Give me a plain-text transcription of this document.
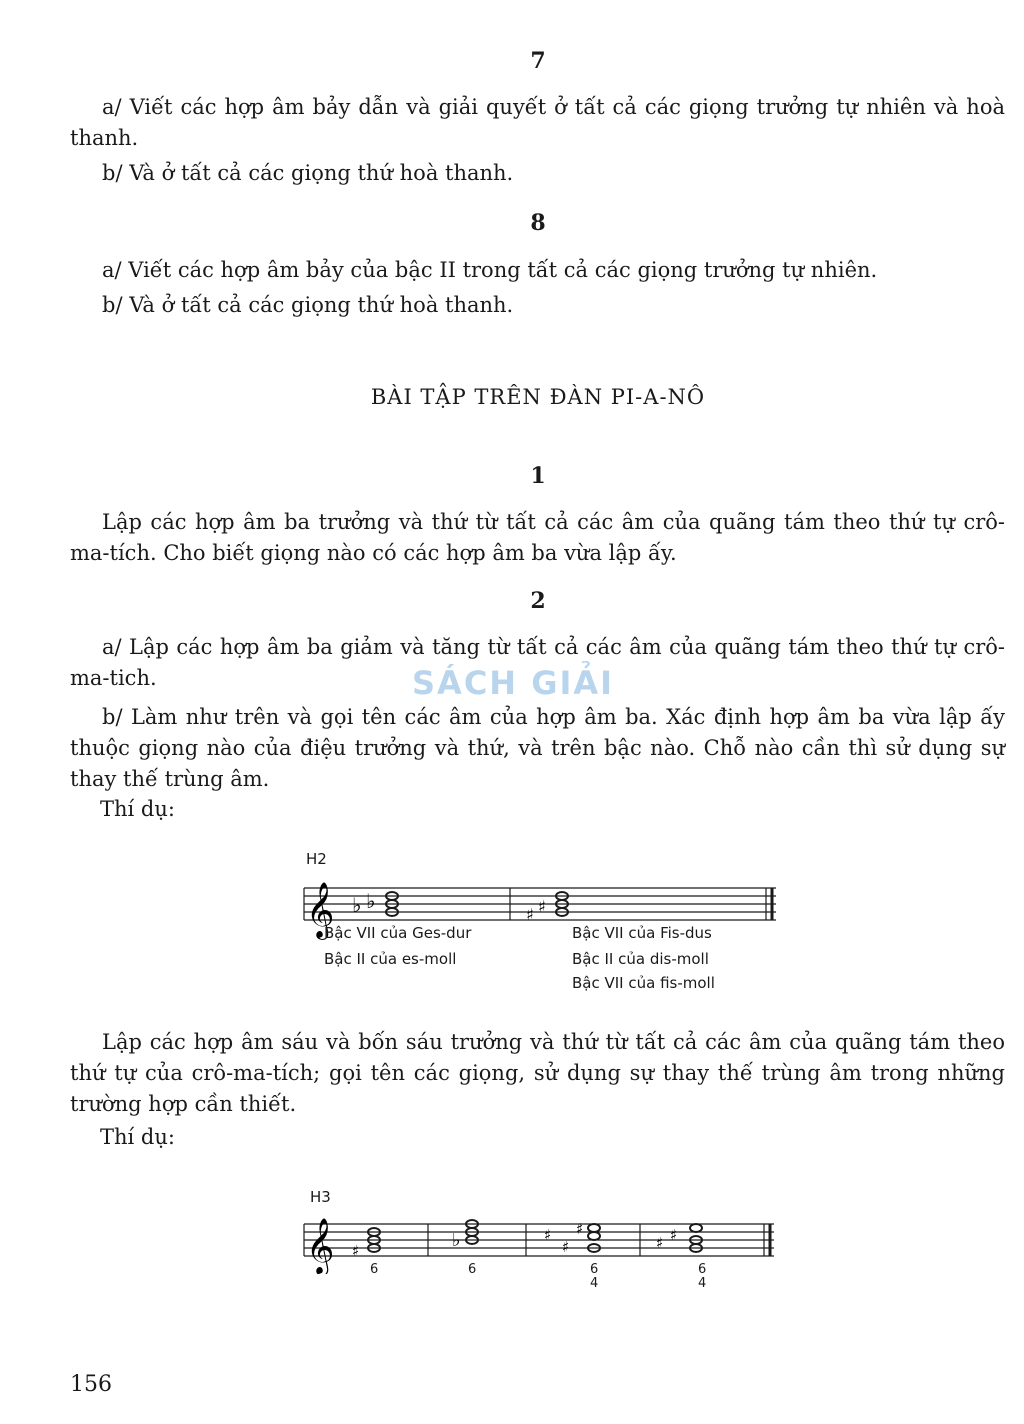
7
a/ Viết các hợp âm bảy dẫn và giải quyết ở tất cả các giọng trưởng tự nhiên và hoà thanh.
b/ Và ở tất cả các giọng thứ hoà thanh.
8
a/ Viết các hợp âm bảy của bậc II trong tất cả các giọng trưởng tự nhiên.
b/ Và ở tất cả các giọng thứ hoà thanh.
BÀI TẬP TRÊN ĐÀN PI-A-NÔ
1
Lập các hợp âm ba trưởng và thứ từ tất cả các âm của quãng tám theo thứ tự crô-ma-tích. Cho biết giọng nào có các hợp âm ba vừa lập ấy.
2
a/ Lập các hợp âm ba giảm và tăng từ tất cả các âm của quãng tám theo thứ tự crô-ma-tich.
b/ Làm như trên và gọi tên các âm của hợp âm ba. Xác định hợp âm ba vừa lập ấy thuộc giọng nào của điệu trưởng và thứ, và trên bậc nào. Chỗ nào cần thì sử dụng sự thay thế trùng âm.
Thí dụ:
SÁCH GIẢI
H2
𝄞 ♭ ♭
♯ ♯
Bậc VII của Ges-dur
Bậc II của es-moll
Bậc VII của Fis-dus
Bậc II của dis-moll
Bậc VII của fis-moll
Lập các hợp âm sáu và bốn sáu trưởng và thứ từ tất cả các âm của quãng tám theo thứ tự của crô-ma-tích; gọi tên các giọng, sử dụng sự thay thế trùng âm trong những trường hợp cần thiết.
Thí dụ:
H3
𝄞 ♯	♭	♯
♯
♯
♯ ♯
6	6	6
4
6
4
156
